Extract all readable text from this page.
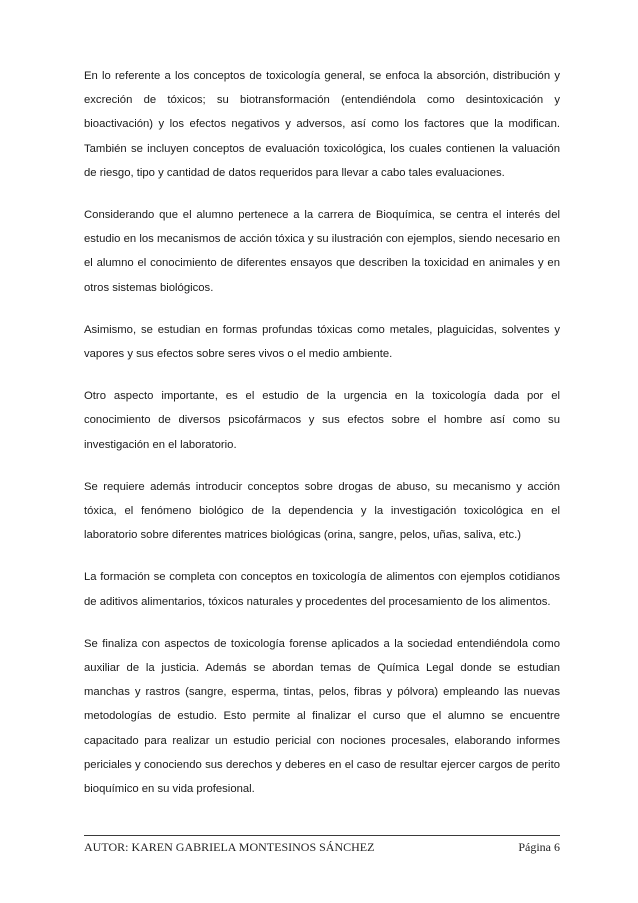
En lo referente a los conceptos de toxicología general, se enfoca la absorción, distribución y excreción de tóxicos; su biotransformación (entendiéndola como desintoxicación y bioactivación) y los efectos negativos y adversos, así como los factores que la modifican. También se incluyen conceptos de evaluación toxicológica, los cuales contienen la valuación de riesgo, tipo y cantidad de datos requeridos para llevar a cabo tales evaluaciones.

Considerando que el alumno pertenece a la carrera de Bioquímica, se centra el interés del estudio en los mecanismos de acción tóxica y su ilustración con ejemplos, siendo necesario en el alumno el conocimiento de diferentes ensayos que describen la toxicidad en animales y en otros sistemas biológicos.

Asimismo, se estudian en formas profundas tóxicas como metales, plaguicidas, solventes y vapores y sus efectos sobre seres vivos o el medio ambiente.

Otro aspecto importante, es el estudio de la urgencia en la toxicología dada por el conocimiento de diversos psicofármacos y sus efectos sobre el hombre así como su investigación en el laboratorio.

Se requiere además introducir conceptos sobre drogas de abuso, su mecanismo y acción tóxica, el fenómeno biológico de la dependencia y la investigación toxicológica en el laboratorio sobre diferentes matrices biológicas (orina, sangre, pelos, uñas, saliva, etc.)

La formación se completa con conceptos en toxicología de alimentos con ejemplos cotidianos de aditivos alimentarios, tóxicos naturales y procedentes del procesamiento de los alimentos.

Se finaliza con aspectos de toxicología forense aplicados a la sociedad entendiéndola como auxiliar de la justicia. Además se abordan temas de Química Legal donde se estudian manchas y rastros (sangre, esperma, tintas, pelos, fibras y pólvora) empleando las nuevas metodologías de estudio. Esto permite al finalizar el curso que el alumno se encuentre capacitado para realizar un estudio pericial con nociones procesales, elaborando informes periciales y conociendo sus derechos y deberes en el caso de resultar ejercer cargos de perito bioquímico en su vida profesional.

AUTOR: KAREN GABRIELA MONTESINOS SÁNCHEZ	Página 6
